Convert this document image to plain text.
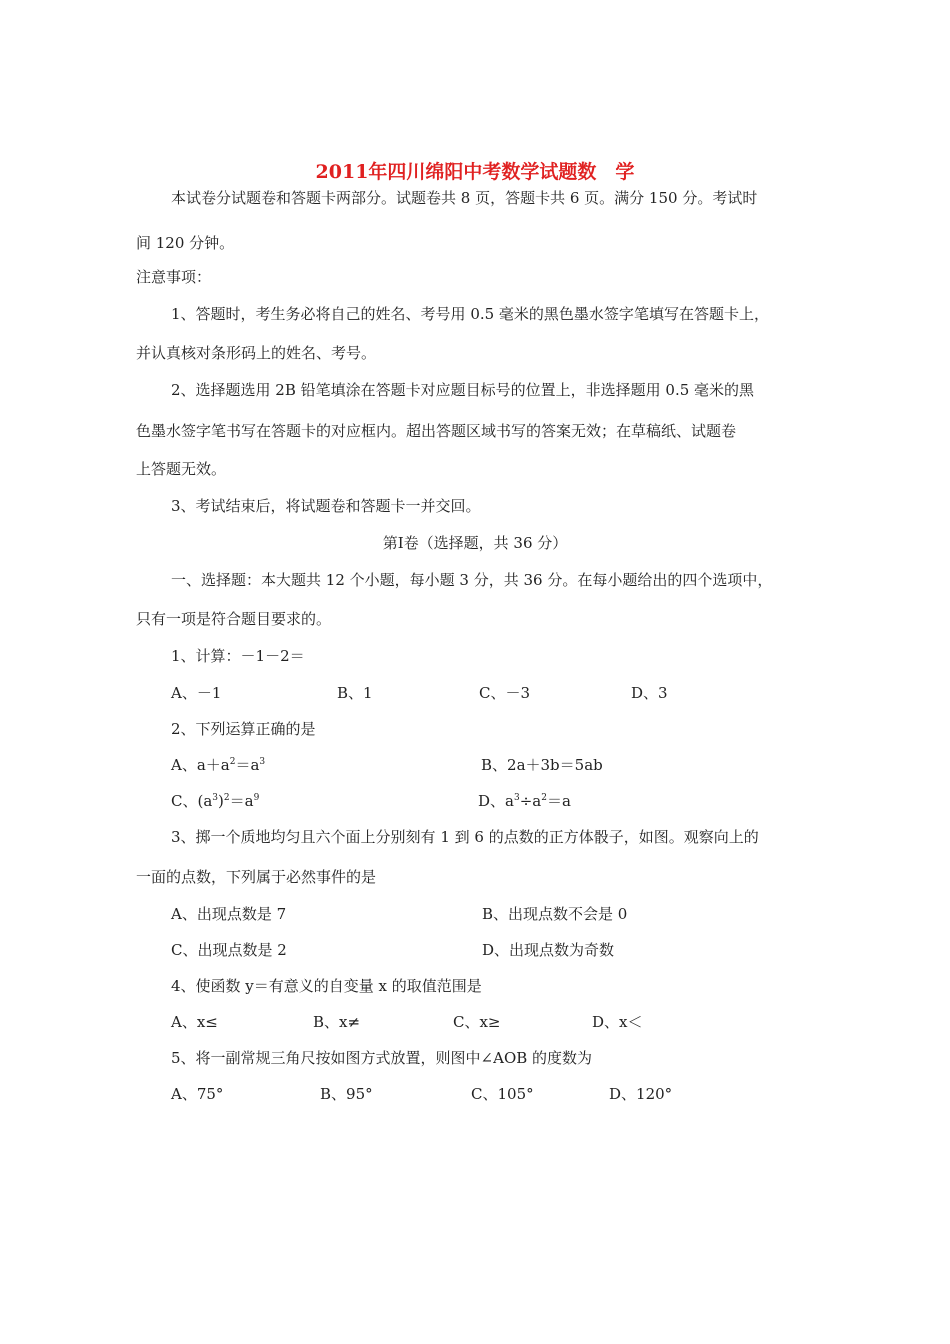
2011年四川绵阳中考数学试题数　学
本试卷分试题卷和答题卡两部分。试题卷共 8 页，答题卡共 6 页。满分 150 分。考试时
间 120 分钟。
注意事项：
1、答题时，考生务必将自己的姓名、考号用 0.5 毫米的黑色墨水签字笔填写在答题卡上，
并认真核对条形码上的姓名、考号。
2、选择题选用 2B 铅笔填涂在答题卡对应题目标号的位置上，非选择题用 0.5 毫米的黑
色墨水签字笔书写在答题卡的对应框内。超出答题区域书写的答案无效；在草稿纸、试题卷
上答题无效。
3、考试结束后，将试题卷和答题卡一并交回。
第Ⅰ卷（选择题，共 36 分）
一、选择题：本大题共 12 个小题，每小题 3 分，共 36 分。在每小题给出的四个选项中，
只有一项是符合题目要求的。
1、计算：－1－2＝
A、－1	B、1	C、－3	D、3
2、下列运算正确的是
A、$a+a^2=a^3$	B、2a＋3b＝5ab
C、$(a^3)^2=a^9$	D、$a^3\div a^2=a$
3、掷一个质地均匀且六个面上分别刻有 1 到 6 的点数的正方体骰子，如图。观察向上的
一面的点数，下列属于必然事件的是
A、出现点数是 7	B、出现点数不会是 0
C、出现点数是 2	D、出现点数为奇数
4、使函数 y＝有意义的自变量 x 的取值范围是
A、x≤	B、x≠	C、x≥	D、x＜
5、将一副常规三角尺按如图方式放置，则图中∠AOB 的度数为
A、75°	B、95°	C、105°	D、120°
